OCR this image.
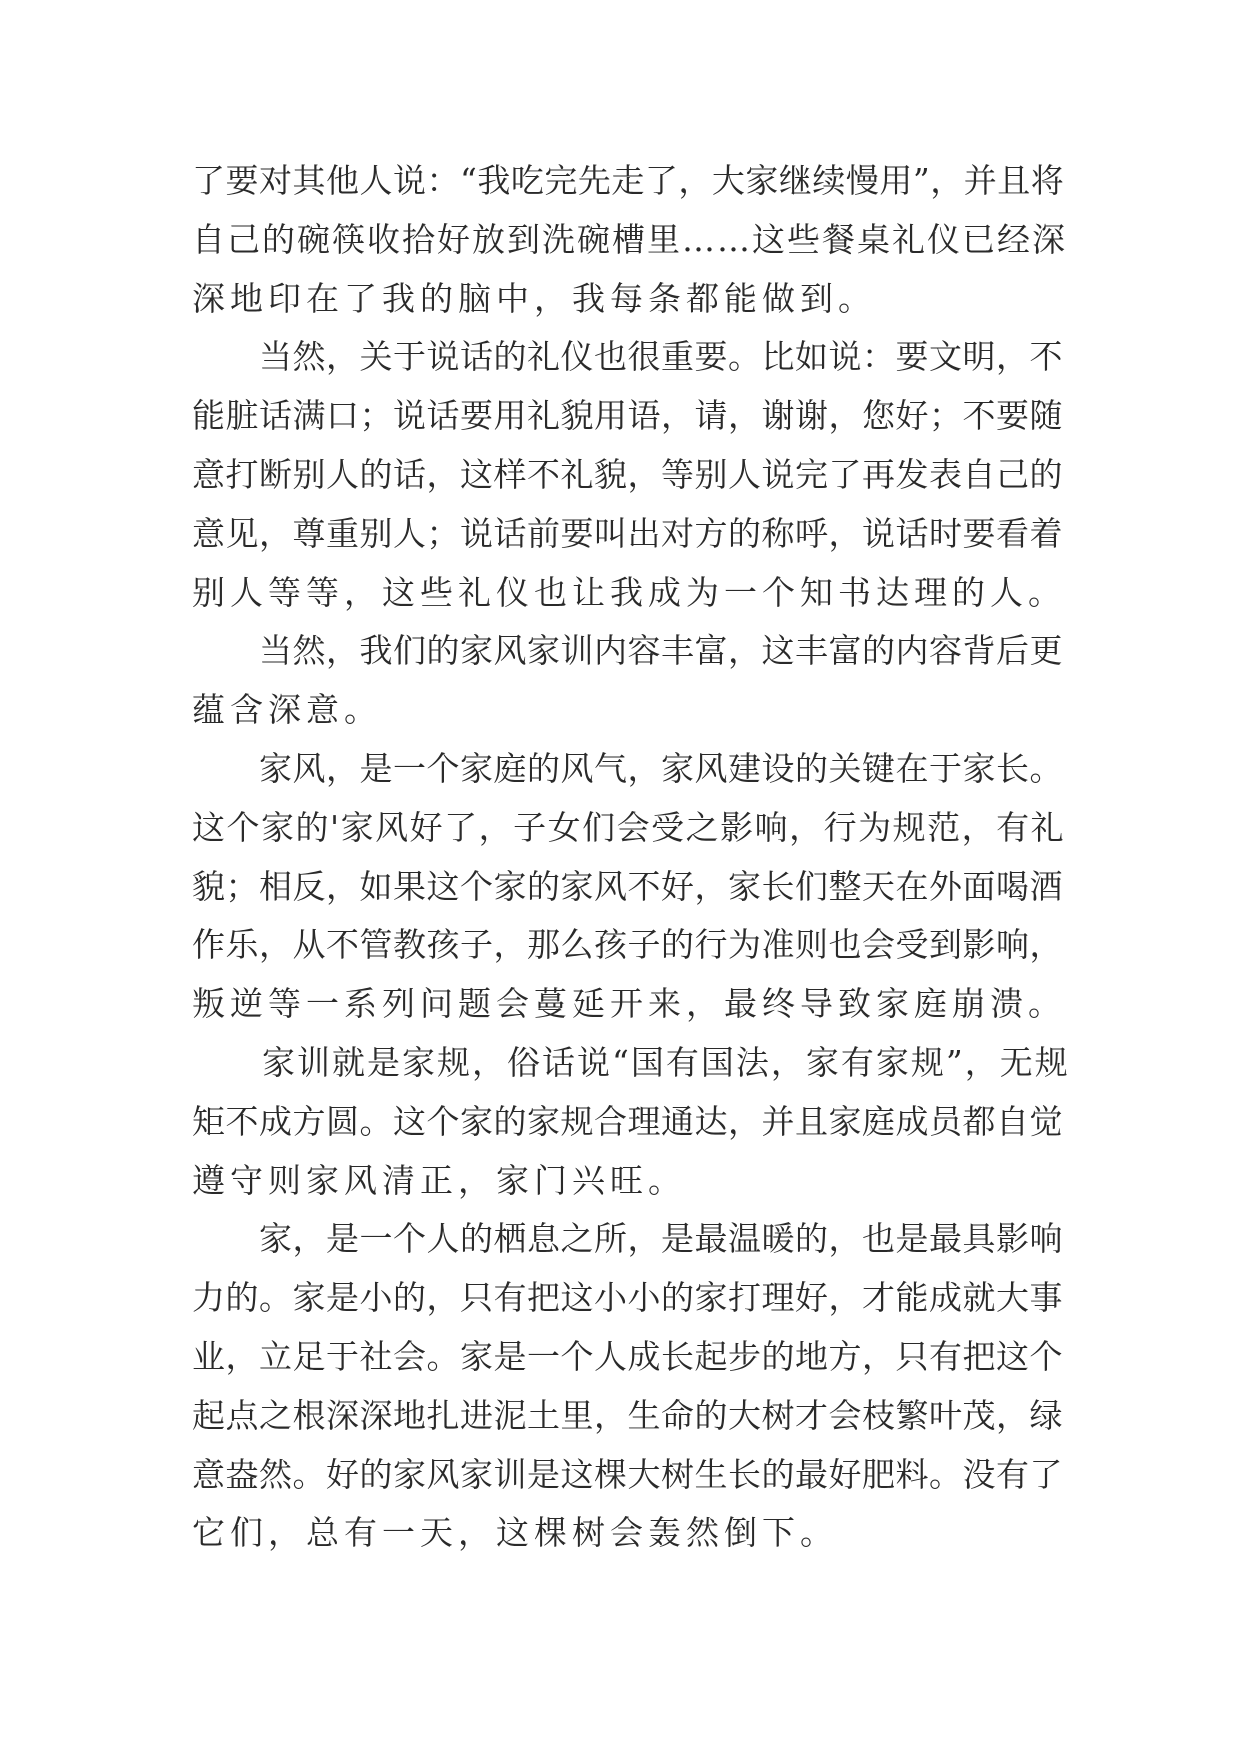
了要对其他人说：“我吃完先走了，大家继续慢用”，并且将
自己的碗筷收拾好放到洗碗槽里……这些餐桌礼仪已经深
深地印在了我的脑中，我每条都能做到。
　　当然，关于说话的礼仪也很重要。比如说：要文明，不
能脏话满口；说话要用礼貌用语，请，谢谢，您好；不要随
意打断别人的话，这样不礼貌，等别人说完了再发表自己的
意见，尊重别人；说话前要叫出对方的称呼，说话时要看着
别人等等，这些礼仪也让我成为一个知书达理的人。
　　当然，我们的家风家训内容丰富，这丰富的内容背后更
蕴含深意。
　　家风，是一个家庭的风气，家风建设的关键在于家长。
这个家的'家风好了，子女们会受之影响，行为规范，有礼
貌；相反，如果这个家的家风不好，家长们整天在外面喝酒
作乐，从不管教孩子，那么孩子的行为准则也会受到影响，
叛逆等一系列问题会蔓延开来，最终导致家庭崩溃。
　　家训就是家规，俗话说“国有国法，家有家规”，无规
矩不成方圆。这个家的家规合理通达，并且家庭成员都自觉
遵守则家风清正，家门兴旺。
　　家，是一个人的栖息之所，是最温暖的，也是最具影响
力的。家是小的，只有把这小小的家打理好，才能成就大事
业，立足于社会。家是一个人成长起步的地方，只有把这个
起点之根深深地扎进泥土里，生命的大树才会枝繁叶茂，绿
意盎然。好的家风家训是这棵大树生长的最好肥料。没有了
它们，总有一天，这棵树会轰然倒下。
